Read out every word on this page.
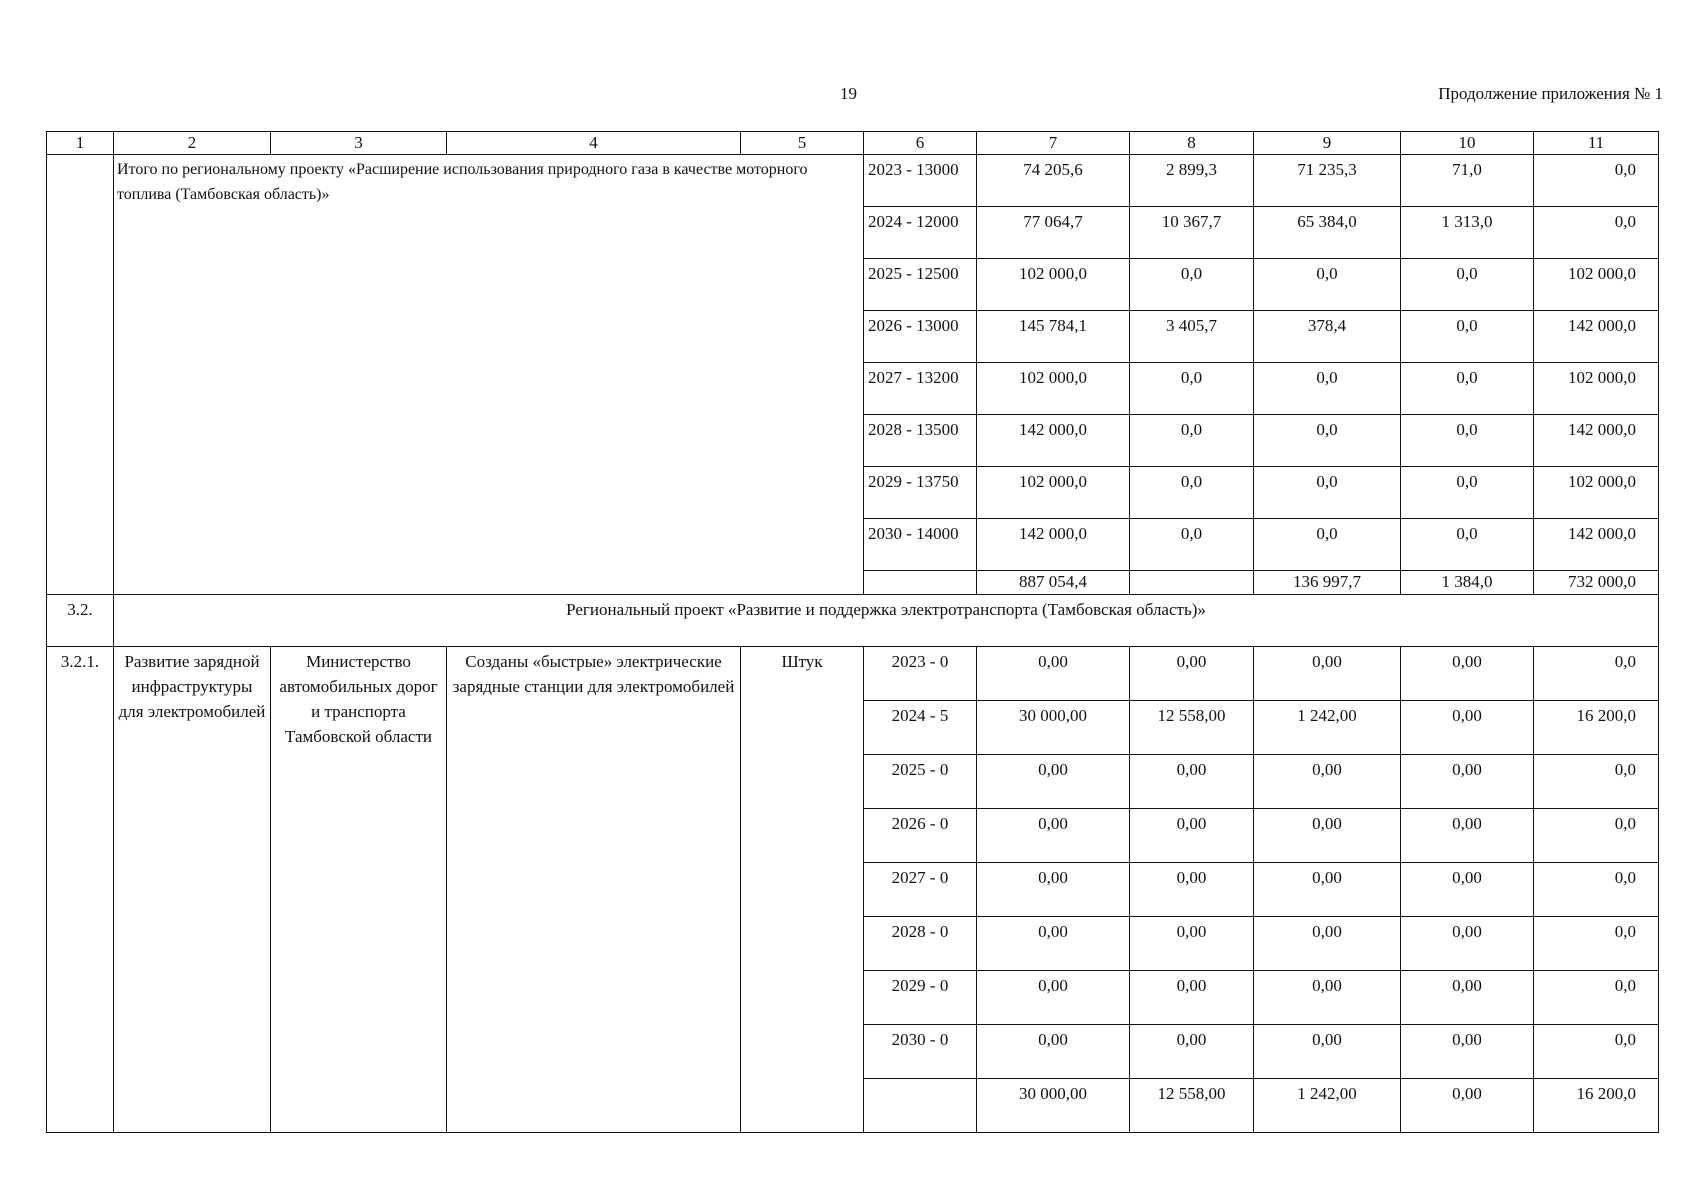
19	Продолжение приложения № 1
1	2	3	4	5	6	7	8	9	10	11
	Итого по региональному проекту «Расширение использования природного газа в качестве моторного топлива (Тамбовская область)»				2023 - 13000	74 205,6	2 899,3	71 235,3	71,0	0,0
					2024 - 12000	77 064,7	10 367,7	65 384,0	1 313,0	0,0
					2025 - 12500	102 000,0	0,0	0,0	0,0	102 000,0
					2026 - 13000	145 784,1	3 405,7	378,4	0,0	142 000,0
					2027 - 13200	102 000,0	0,0	0,0	0,0	102 000,0
					2028 - 13500	142 000,0	0,0	0,0	0,0	142 000,0
					2029 - 13750	102 000,0	0,0	0,0	0,0	102 000,0
					2030 - 14000	142 000,0	0,0	0,0	0,0	142 000,0
						887 054,4		136 997,7	1 384,0	732 000,0
3.2.	Региональный проект «Развитие и поддержка электротранспорта (Тамбовская область)»									
3.2.1.	Развитие зарядной инфраструктуры для электромобилей	Министерство автомобильных дорог и транспорта Тамбовской области	Созданы «быстрые» электрические зарядные станции для электромобилей	Штук	2023 - 0	0,00	0,00	0,00	0,00	0,0
					2024 - 5	30 000,00	12 558,00	1 242,00	0,00	16 200,0
					2025 - 0	0,00	0,00	0,00	0,00	0,0
					2026 - 0	0,00	0,00	0,00	0,00	0,0
					2027 - 0	0,00	0,00	0,00	0,00	0,0
					2028 - 0	0,00	0,00	0,00	0,00	0,0
					2029 - 0	0,00	0,00	0,00	0,00	0,0
					2030 - 0	0,00	0,00	0,00	0,00	0,0
						30 000,00	12 558,00	1 242,00	0,00	16 200,0
